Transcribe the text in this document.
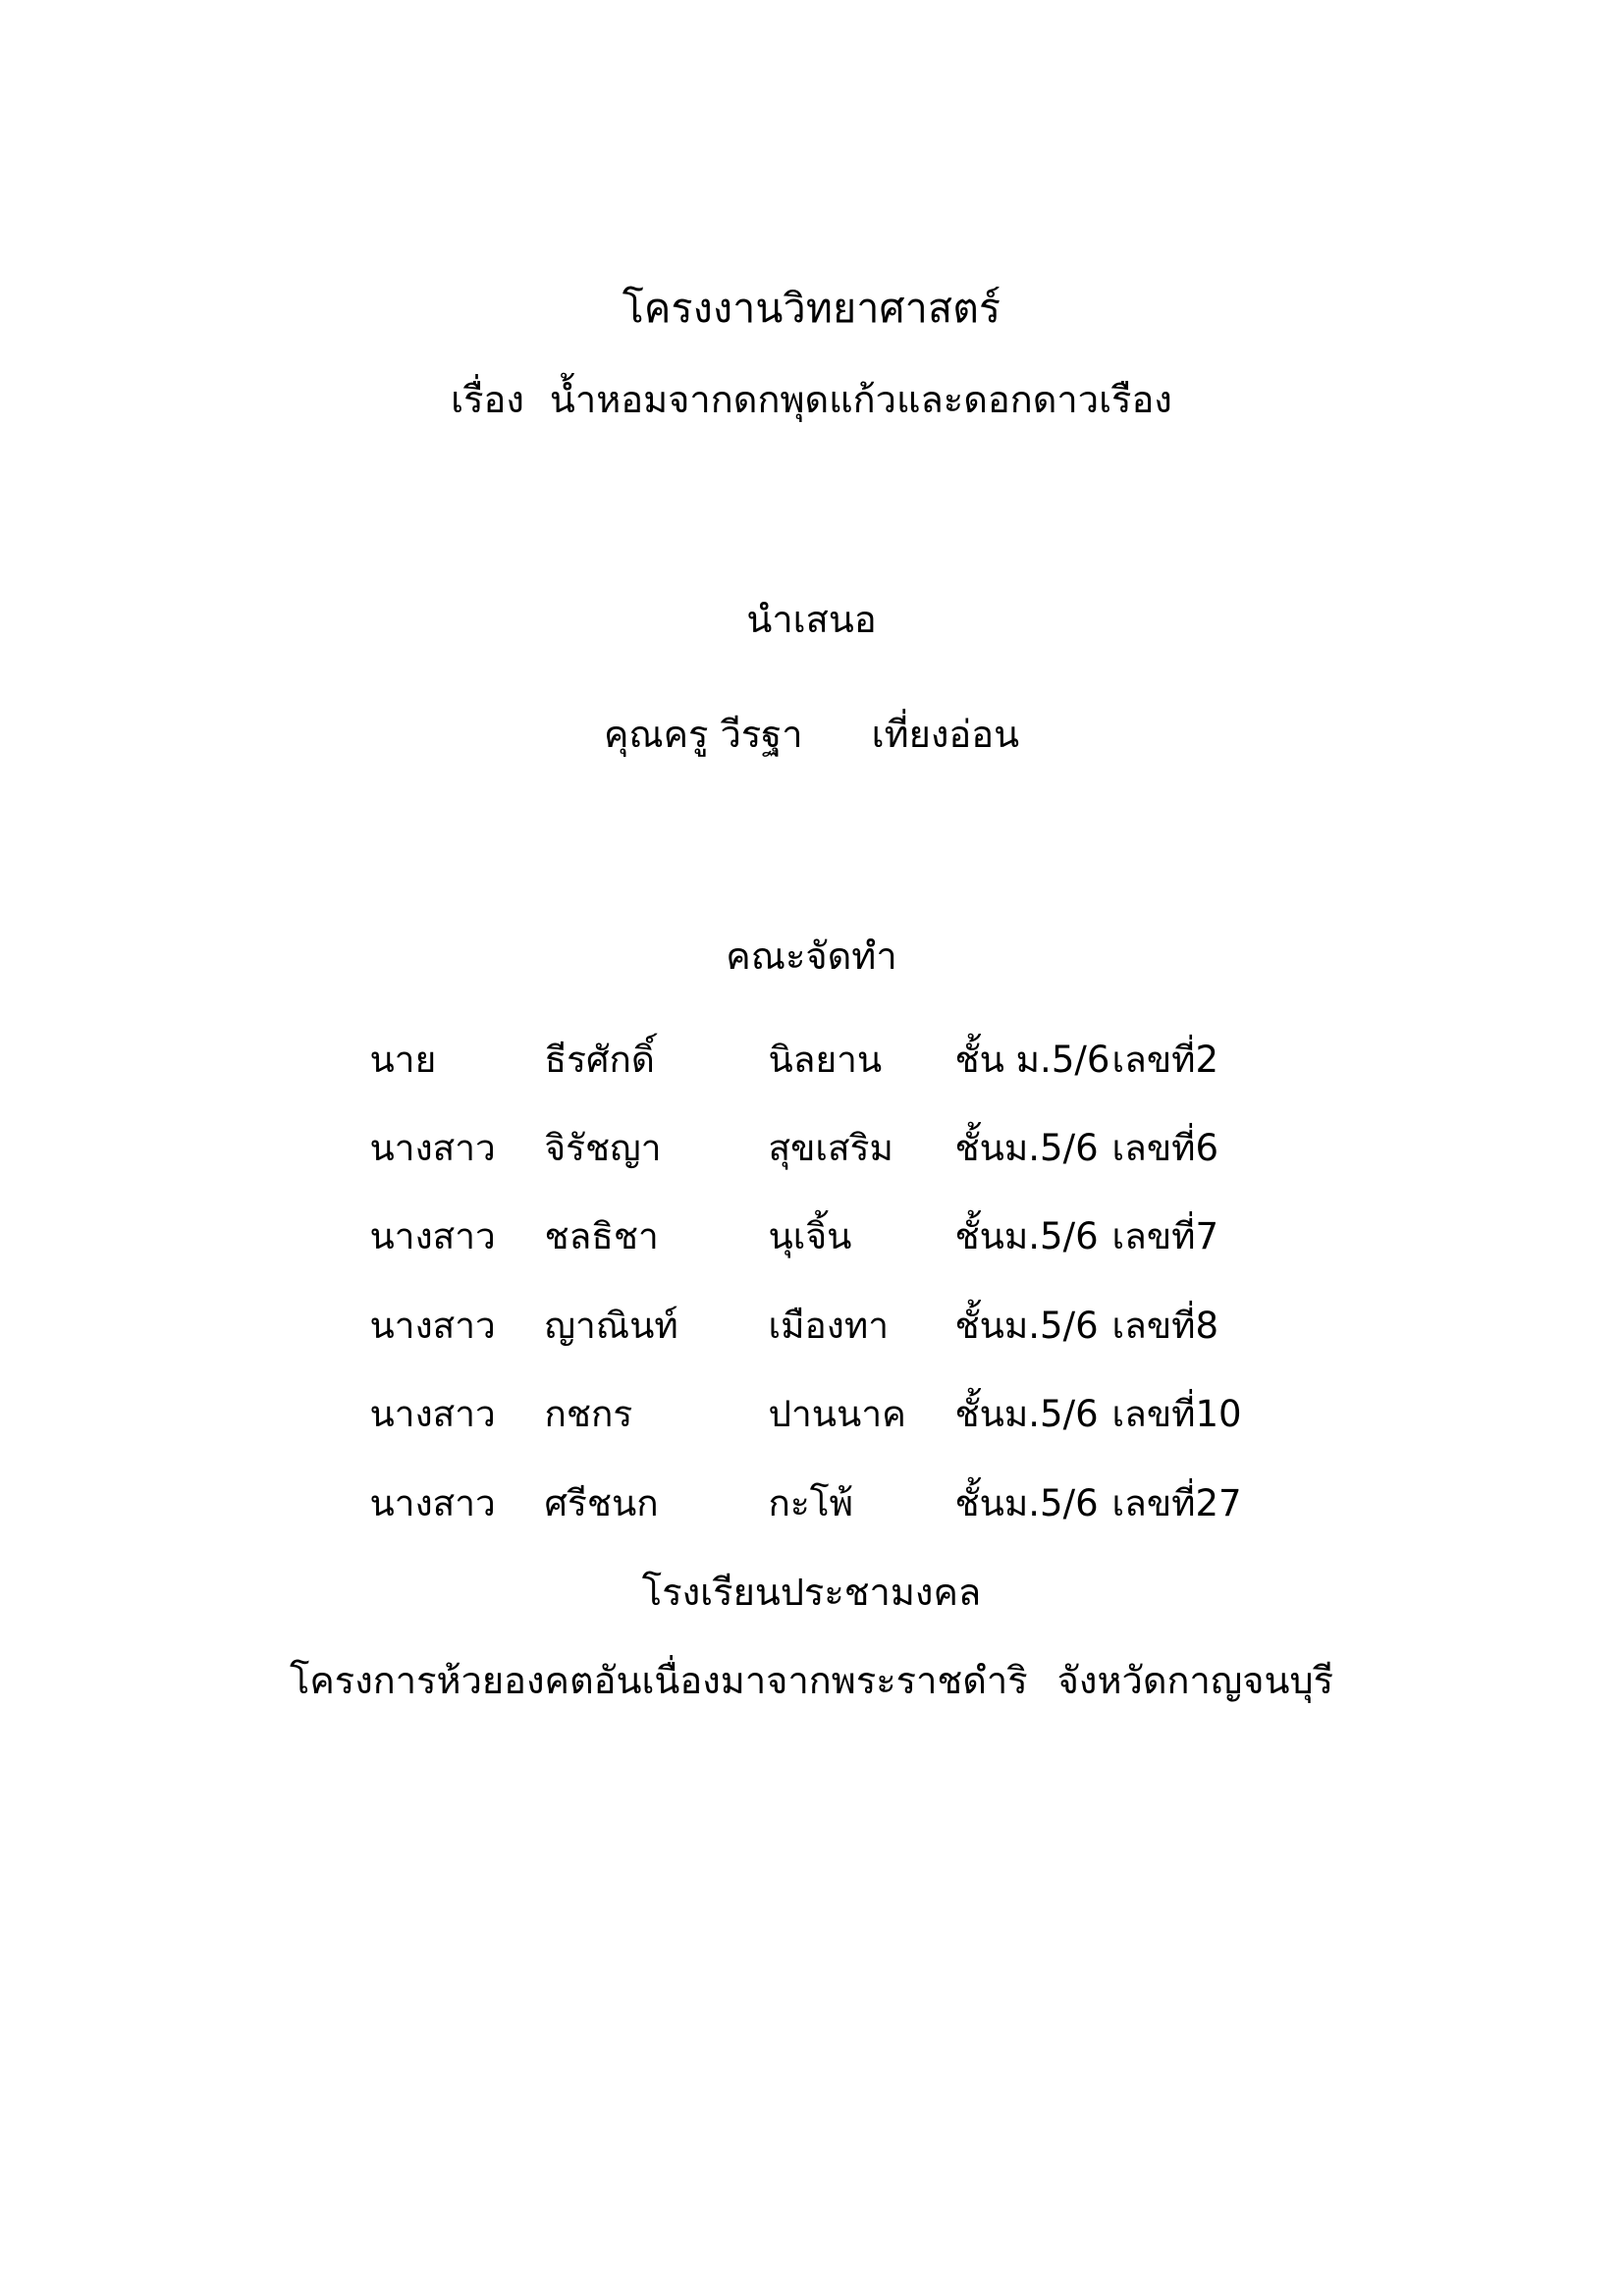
โครงงานวิทยาศาสตร์
เรื่อง น้ำหอมจากดกพุดแก้วและดอกดาวเรือง
นำเสนอ
คุณครู วีรฐา เที่ยงอ่อน
คณะจัดทำ
นาย	ธีรศักดิ์	นิลยาน	ชั้น ม.5/6 เลขที่2
นางสาว	จิรัชญา	สุขเสริม	ชั้นม.5/6 เลขที่6
นางสาว	ชลธิชา	นุเจิ้น	ชั้นม.5/6 เลขที่7
นางสาว	ญาณินท์	เมืองทา	ชั้นม.5/6 เลขที่8
นางสาว	กชกร	ปานนาค	ชั้นม.5/6 เลขที่10
นางสาว	ศรีชนก	กะโพ้	ชั้นม.5/6 เลขที่27
โรงเรียนประชามงคล
โครงการห้วยองคตอันเนื่องมาจากพระราชดำริ จังหวัดกาญจนบุรี
